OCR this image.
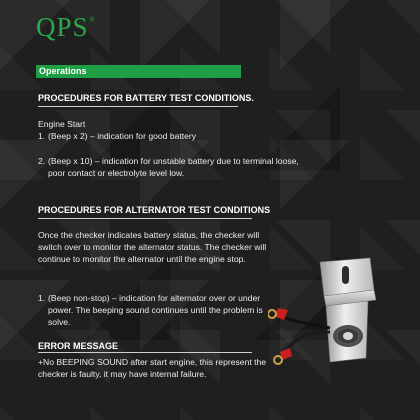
QPS®
Operations
PROCEDURES FOR BATTERY TEST CONDITIONS.
Engine Start
1. (Beep x 2) – indication for good battery
2. (Beep x 10) – indication for unstable battery due to terminal loose, poor contact or electrolyte level low.
PROCEDURES FOR ALTERNATOR TEST CONDITIONS
Once the checker indicates battery status, the checker will switch over to monitor the alternator status. The checker will continue to monitor the alternator until the engine stop.
1. (Beep non-stop) – indication for alternator over or under power. The beeping sound continues until the problem is solve.
ERROR MESSAGE
+No BEEPING SOUND after start engine, this represent the checker is faulty, it may have internal failure.
